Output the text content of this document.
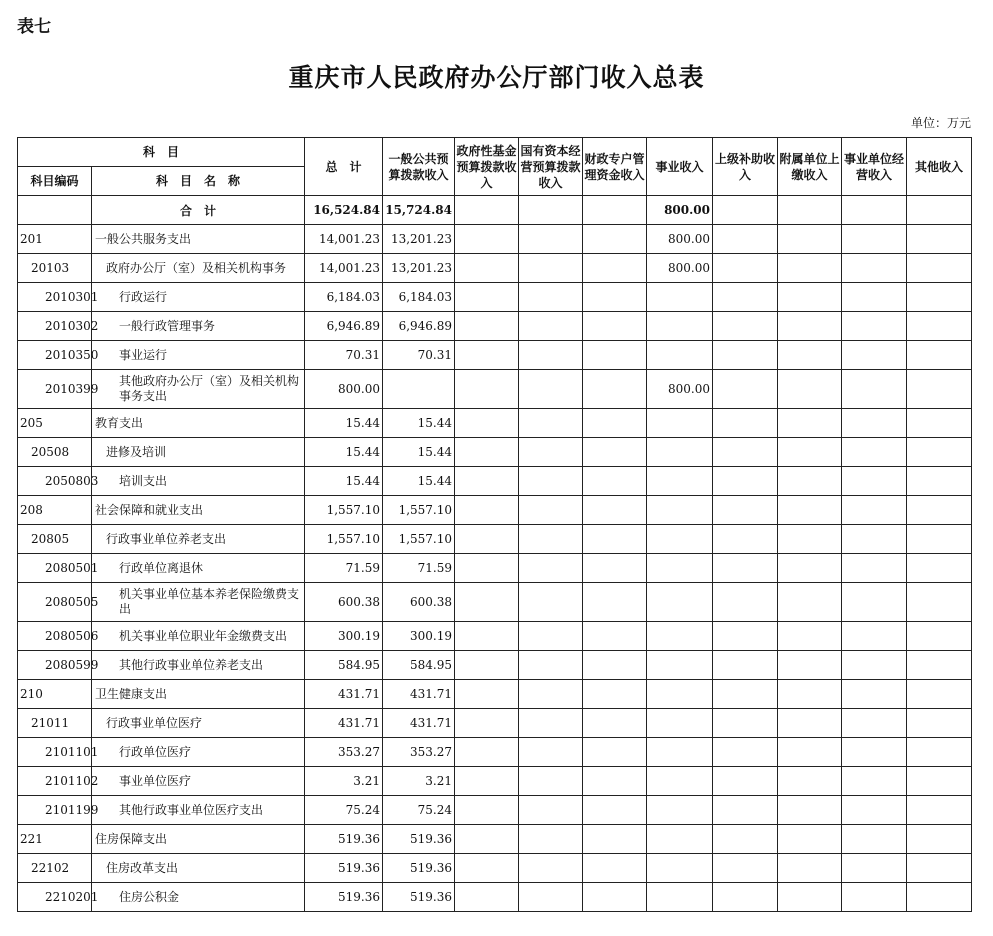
表七
重庆市人民政府办公厅部门收入总表
单位：万元
科　目		总　计	一般公共预算拨款收入	政府性基金预算拨款收入	国有资本经营预算拨款收入	财政专户管理资金收入	事业收入	上级补助收入	附属单位上缴收入	事业单位经营收入	其他收入
科目编码	科　目　名　称										
	合　计	16,524.84	15,724.84				800.00				
201	一般公共服务支出	14,001.23	13,201.23				800.00				
20103	政府办公厅（室）及相关机构事务	14,001.23	13,201.23				800.00				
2010301	行政运行	6,184.03	6,184.03								
2010302	一般行政管理事务	6,946.89	6,946.89								
2010350	事业运行	70.31	70.31								
2010399	其他政府办公厅（室）及相关机构事务支出	800.00					800.00				
205	教育支出	15.44	15.44								
20508	进修及培训	15.44	15.44								
2050803	培训支出	15.44	15.44								
208	社会保障和就业支出	1,557.10	1,557.10								
20805	行政事业单位养老支出	1,557.10	1,557.10								
2080501	行政单位离退休	71.59	71.59								
2080505	机关事业单位基本养老保险缴费支出	600.38	600.38								
2080506	机关事业单位职业年金缴费支出	300.19	300.19								
2080599	其他行政事业单位养老支出	584.95	584.95								
210	卫生健康支出	431.71	431.71								
21011	行政事业单位医疗	431.71	431.71								
2101101	行政单位医疗	353.27	353.27								
2101102	事业单位医疗	3.21	3.21								
2101199	其他行政事业单位医疗支出	75.24	75.24								
221	住房保障支出	519.36	519.36								
22102	住房改革支出	519.36	519.36								
2210201	住房公积金	519.36	519.36								
